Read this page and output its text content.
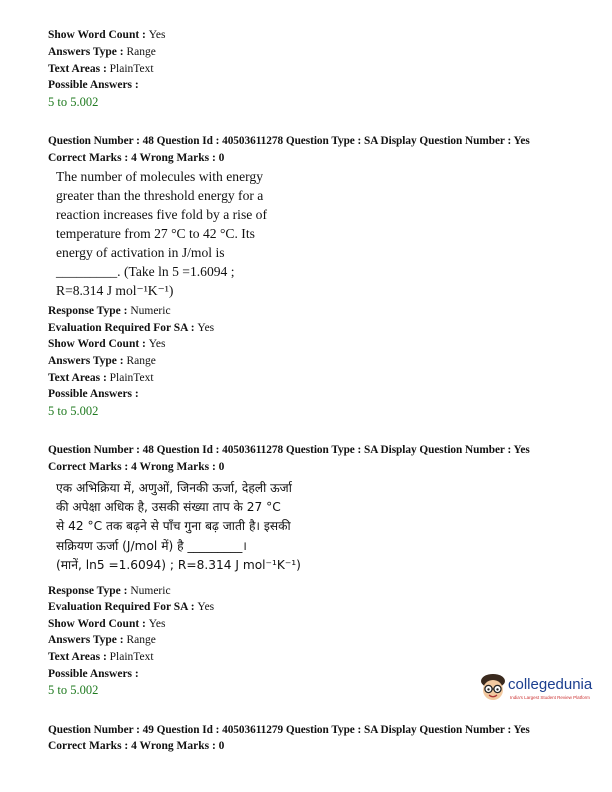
Show Word Count : Yes
Answers Type : Range
Text Areas : PlainText
Possible Answers :
5 to 5.002
Question Number : 48 Question Id : 40503611278 Question Type : SA Display Question Number : Yes
Correct Marks : 4 Wrong Marks : 0
The number of molecules with energy
greater than the threshold energy for a
reaction increases five fold by a rise of
temperature from 27 °C to 42 °C. Its
energy of activation in J/mol is
_________. (Take ln 5 =1.6094 ;
R=8.314 J mol⁻¹K⁻¹)
Response Type : Numeric
Evaluation Required For SA : Yes
Show Word Count : Yes
Answers Type : Range
Text Areas : PlainText
Possible Answers :
5 to 5.002
Question Number : 48 Question Id : 40503611278 Question Type : SA Display Question Number : Yes
Correct Marks : 4 Wrong Marks : 0
एक अभिक्रिया में, अणुओं, जिनकी ऊर्जा, देहली ऊर्जा
की अपेक्षा अधिक है, उसकी संख्या ताप के 27 °C
से 42 °C तक बढ़ने से पाँच गुना बढ़ जाती है। इसकी
सक्रियण ऊर्जा (J/mol में) है _________।
(मानें, ln5 =1.6094) ; R=8.314 J mol⁻¹K⁻¹)
Response Type : Numeric
Evaluation Required For SA : Yes
Show Word Count : Yes
Answers Type : Range
Text Areas : PlainText
Possible Answers :
5 to 5.002
Question Number : 49 Question Id : 40503611279 Question Type : SA Display Question Number : Yes
Correct Marks : 4 Wrong Marks : 0
collegedunia
India's Largest Student Review Platform
